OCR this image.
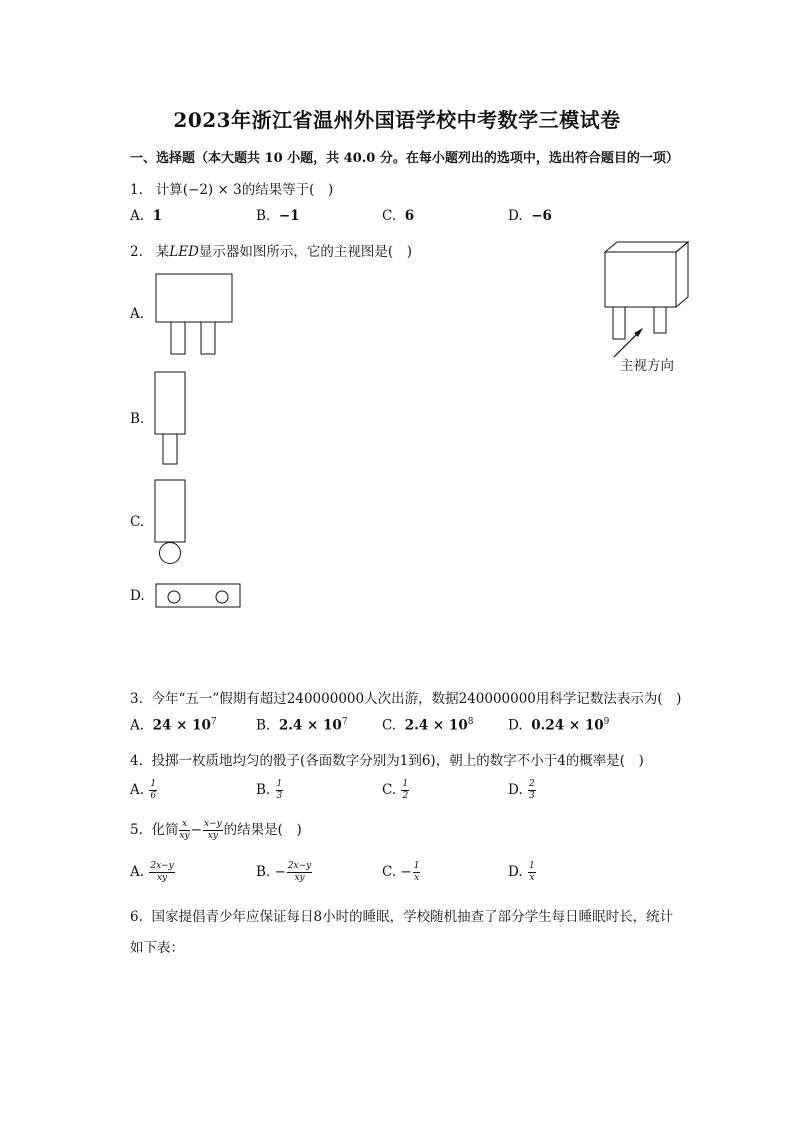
2023年浙江省温州外国语学校中考数学三模试卷
一、选择题（本大题共 10 小题，共 40.0 分。在每小题列出的选项中，选出符合题目的一项）
1. 计算(−2) × 3的结果等于(　)
A. 1	B. −1	C. 6	D. −6
2. 某LED显示器如图所示，它的主视图是(　)
主视方向
A.
B.
C.
D.
3. 今年“五一”假期有超过240000000人次出游，数据240000000用科学记数法表示为(　)
A. $24 \times 10^7$	B. $2.4 \times 10^7$	C. $2.4 \times 10^8$	D. $0.24 \times 10^9$
4. 投掷一枚质地均匀的骰子(各面数字分别为1到6)，朝上的数字不小于4的概率是(　)
A. $\frac{1}{6}$	B. $\frac{1}{3}$	C. $\frac{1}{2}$	D. $\frac{2}{3}$
5. 化简 $\frac{x}{xy} - \frac{x-y}{xy}$ 的结果是(　)
A. $\frac{2x-y}{xy}$	B. − $\frac{2x-y}{xy}$	C. − $\frac{1}{x}$	D. $\frac{1}{x}$
6. 国家提倡青少年应保证每日8小时的睡眠，学校随机抽查了部分学生每日睡眠时长，统计
如下表：
